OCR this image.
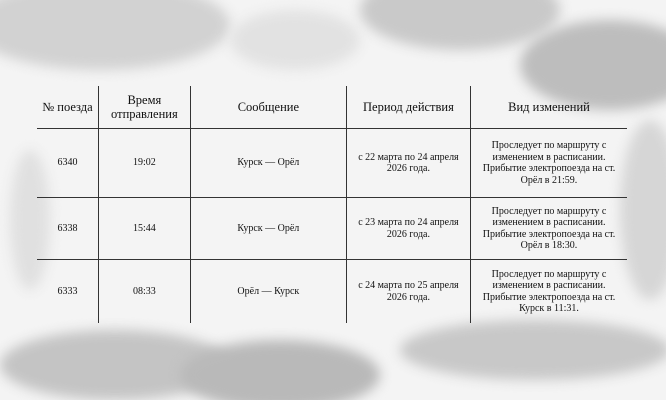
№ поезда	Время отправления	Сообщение	Период действия	Вид изменений
6340	19:02	Курск — Орёл	с 22 марта по 24 апреля 2026 года.	Проследует по маршруту с изменением в расписании. Прибытие электропоезда на ст. Орёл в 21:59.
6338	15:44	Курск — Орёл	с 23 марта по 24 апреля 2026 года.	Проследует по маршруту с изменением в расписании. Прибытие электропоезда на ст. Орёл в 18:30.
6333	08:33	Орёл — Курск	с 24 марта по 25 апреля 2026 года.	Проследует по маршруту с изменением в расписании. Прибытие электропоезда на ст. Курск в 11:31.
